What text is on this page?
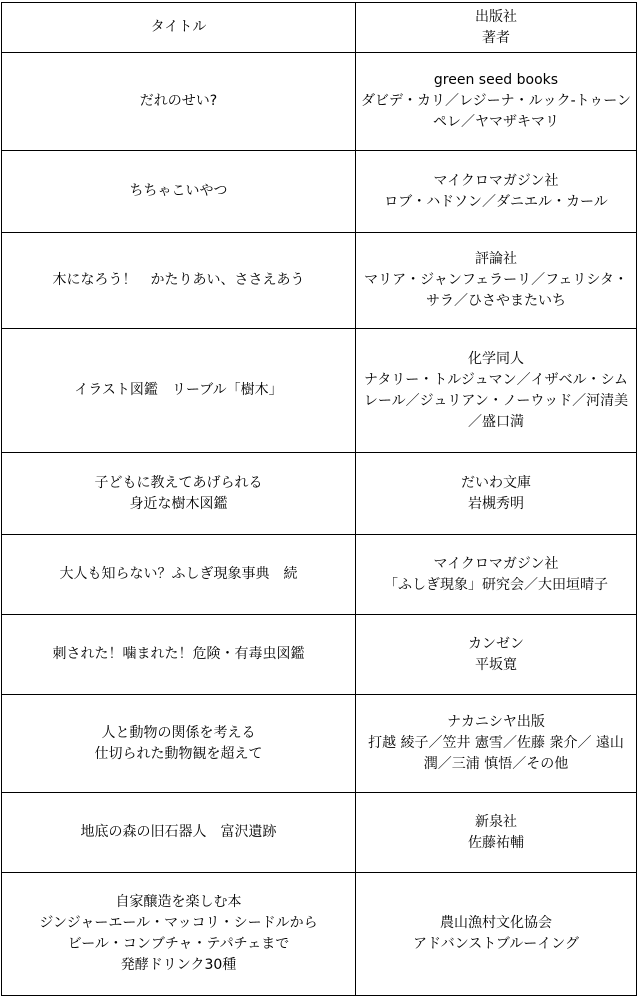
タイトル	出版社
著者

だれのせい?	green seed books
ダビデ・カリ／レジーナ・ルック-トゥーンペレ／ヤマザキマリ

ちちゃこいやつ	マイクロマガジン社
ロブ・ハドソン／ダニエル・カール

木になろう！　かたりあい、ささえあう	評論社
マリア・ジャンフェラーリ／フェリシタ・サラ／ひさやまたいち

イラスト図鑑　リーブル「樹木」	化学同人
ナタリー・トルジュマン／イザベル・シムレール／ジュリアン・ノーウッド／河清美／盛口満

子どもに教えてあげられる
身近な樹木図鑑	だいわ文庫
岩槻秀明

大人も知らない？ふしぎ現象事典　続	マイクロマガジン社
「ふしぎ現象」研究会／大田垣晴子

刺された！噛まれた！危険・有毒虫図鑑	カンゼン
平坂寛

人と動物の関係を考える
仕切られた動物観を超えて	ナカニシヤ出版
打越 綾子／笠井 憲雪／佐藤 衆介／ 遠山 潤／三浦 慎悟／その他

地底の森の旧石器人　富沢遺跡	新泉社
佐藤祐輔

自家醸造を楽しむ本
ジンジャーエール・マッコリ・シードルから
ビール・コンブチャ・テパチェまで
発酵ドリンク30種	農山漁村文化協会
アドバンストブルーイング
